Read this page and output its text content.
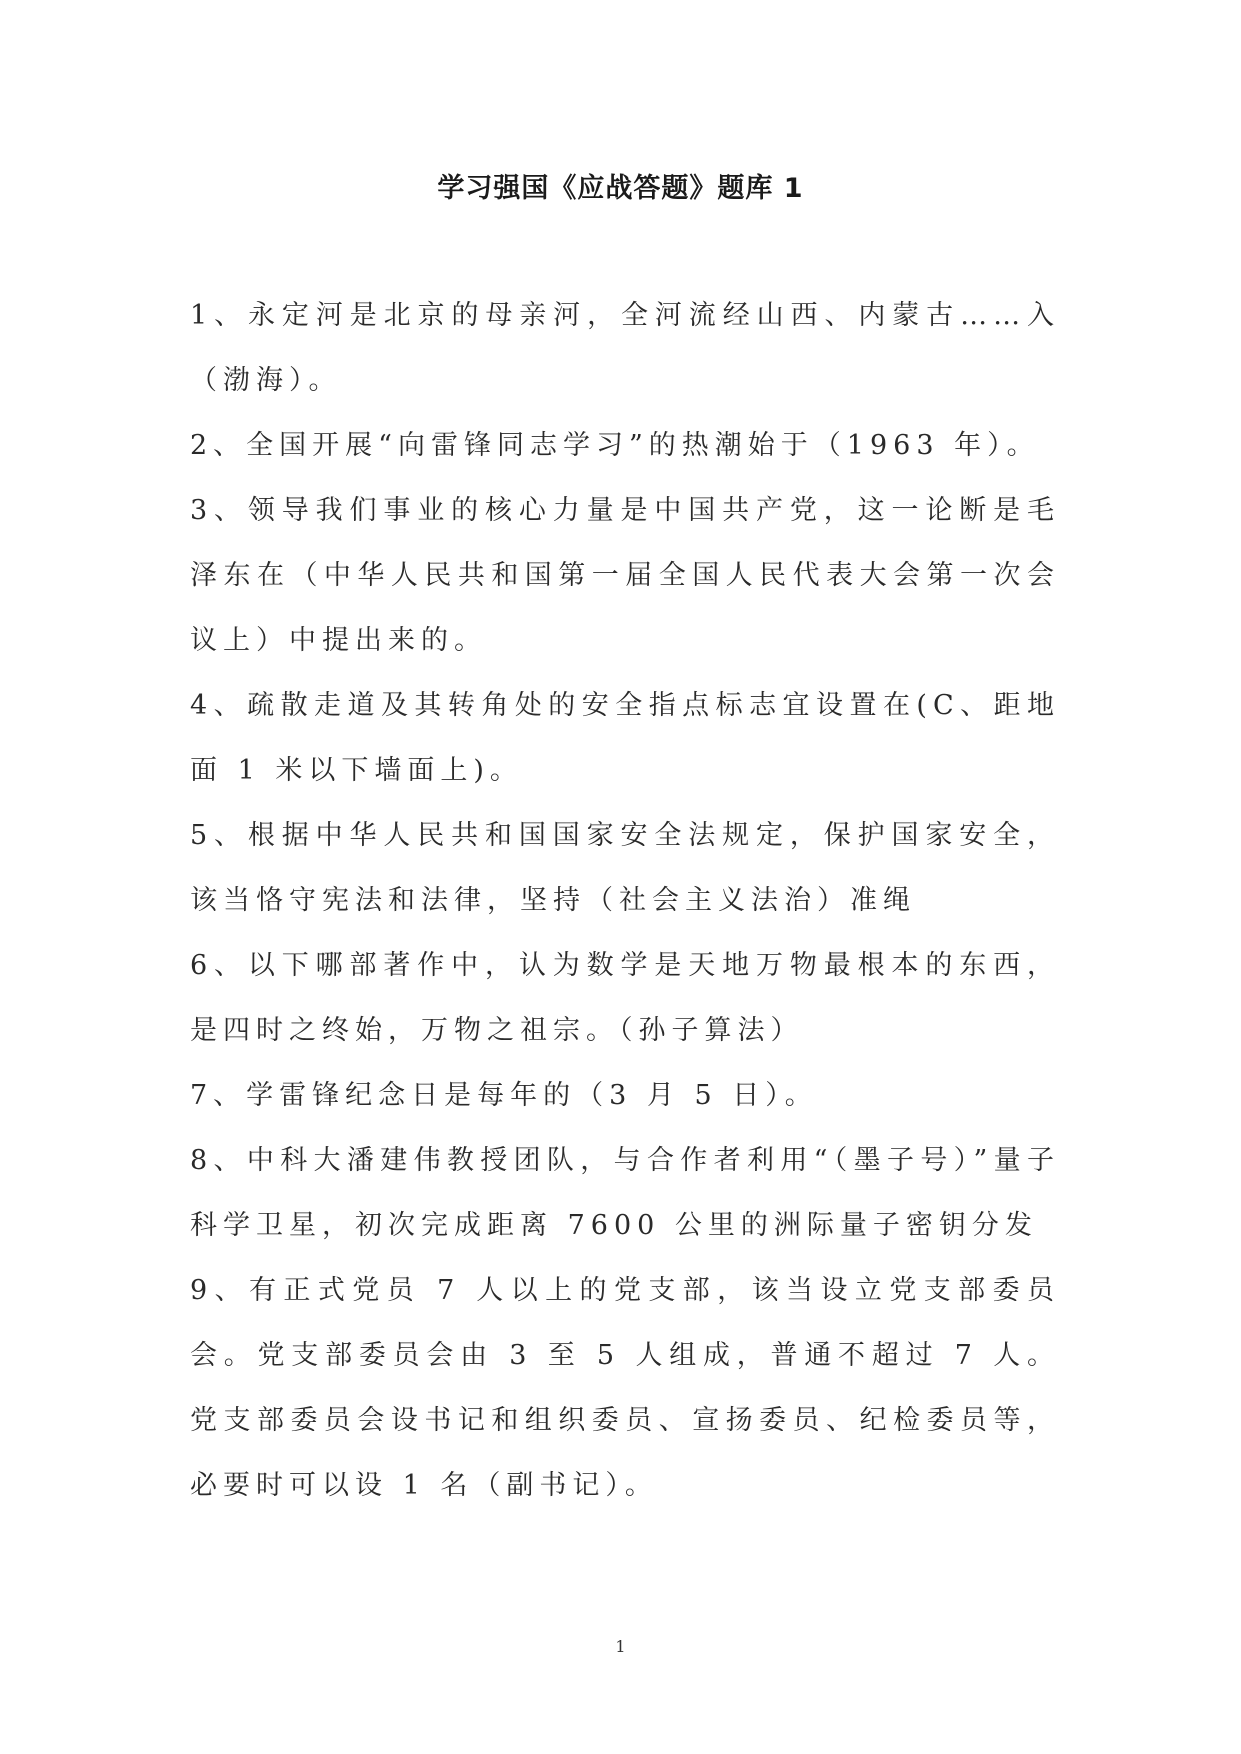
学习强国《应战答题》题库 1

1、永定河是北京的母亲河，全河流经山西、内蒙古……入（渤海）。

2、全国开展“向雷锋同志学习”的热潮始于（1963 年）。

3、领导我们事业的核心力量是中国共产党，这一论断是毛泽东在（中华人民共和国第一届全国人民代表大会第一次会议上）中提出来的。

4、疏散走道及其转角处的安全指点标志宜设置在(C、距地面 1 米以下墙面上)。

5、根据中华人民共和国国家安全法规定，保护国家安全，该当恪守宪法和法律，坚持（社会主义法治）准绳

6、以下哪部著作中，认为数学是天地万物最根本的东西，是四时之终始，万物之祖宗。（孙子算法）

7、学雷锋纪念日是每年的（3 月 5 日）。

8、中科大潘建伟教授团队，与合作者利用“（墨子号）”量子科学卫星，初次完成距离 7600 公里的洲际量子密钥分发

9、有正式党员 7 人以上的党支部，该当设立党支部委员会。党支部委员会由 3 至 5 人组成，普通不超过 7 人。党支部委员会设书记和组织委员、宣扬委员、纪检委员等，必要时可以设 1 名（副书记）。

1
